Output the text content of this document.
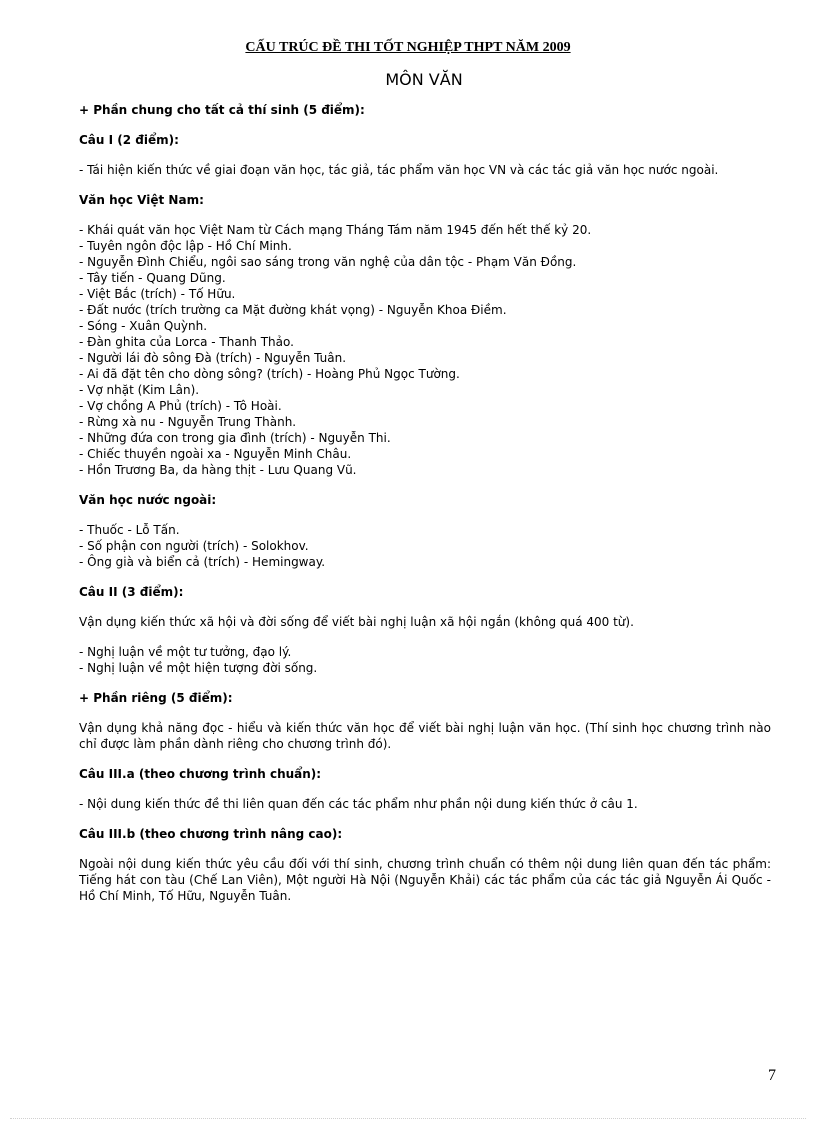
CẤU TRÚC ĐỀ THI TỐT NGHIỆP THPT NĂM 2009
MÔN VĂN

+ Phần chung cho tất cả thí sinh (5 điểm):

Câu I (2 điểm):

- Tái hiện kiến thức về giai đoạn văn học, tác giả, tác phẩm văn học VN và các tác giả văn học nước ngoài.

Văn học Việt Nam:

- Khái quát văn học Việt Nam từ Cách mạng Tháng Tám năm 1945 đến hết thế kỷ 20.
- Tuyên ngôn độc lập - Hồ Chí Minh.
- Nguyễn Đình Chiểu, ngôi sao sáng trong văn nghệ của dân tộc - Phạm Văn Đồng.
- Tây tiến - Quang Dũng.
- Việt Bắc (trích) - Tố Hữu.
- Đất nước (trích trường ca Mặt đường khát vọng) - Nguyễn Khoa Điềm.
- Sóng - Xuân Quỳnh.
- Đàn ghita của Lorca - Thanh Thảo.
- Người lái đò sông Đà (trích) - Nguyễn Tuân.
- Ai đã đặt tên cho dòng sông? (trích) - Hoàng Phủ Ngọc Tường.
- Vợ nhặt (Kim Lân).
- Vợ chồng A Phủ (trích) - Tô Hoài.
- Rừng xà nu - Nguyễn Trung Thành.
- Những đứa con trong gia đình (trích) - Nguyễn Thi.
- Chiếc thuyền ngoài xa - Nguyễn Minh Châu.
- Hồn Trương Ba, da hàng thịt - Lưu Quang Vũ.

Văn học nước ngoài:

- Thuốc - Lỗ Tấn.
- Số phận con người (trích) - Solokhov.
- Ông già và biển cả (trích) - Hemingway.

Câu II (3 điểm):

Vận dụng kiến thức xã hội và đời sống để viết bài nghị luận xã hội ngắn (không quá 400 từ).

- Nghị luận về một tư tưởng, đạo lý.
- Nghị luận về một hiện tượng đời sống.

+ Phần riêng (5 điểm):

Vận dụng khả năng đọc - hiểu và kiến thức văn học để viết bài nghị luận văn học. (Thí sinh học chương trình nào chỉ được làm phần dành riêng cho chương trình đó).

Câu III.a (theo chương trình chuẩn):

- Nội dung kiến thức đề thi liên quan đến các tác phẩm như phần nội dung kiến thức ở câu 1.

Câu III.b (theo chương trình nâng cao):

Ngoài nội dung kiến thức yêu cầu đối với thí sinh, chương trình chuẩn có thêm nội dung liên quan đến tác phẩm: Tiếng hát con tàu (Chế Lan Viên), Một người Hà Nội (Nguyễn Khải) các tác phẩm của các tác giả Nguyễn Ái Quốc - Hồ Chí Minh, Tố Hữu, Nguyễn Tuân.

7
